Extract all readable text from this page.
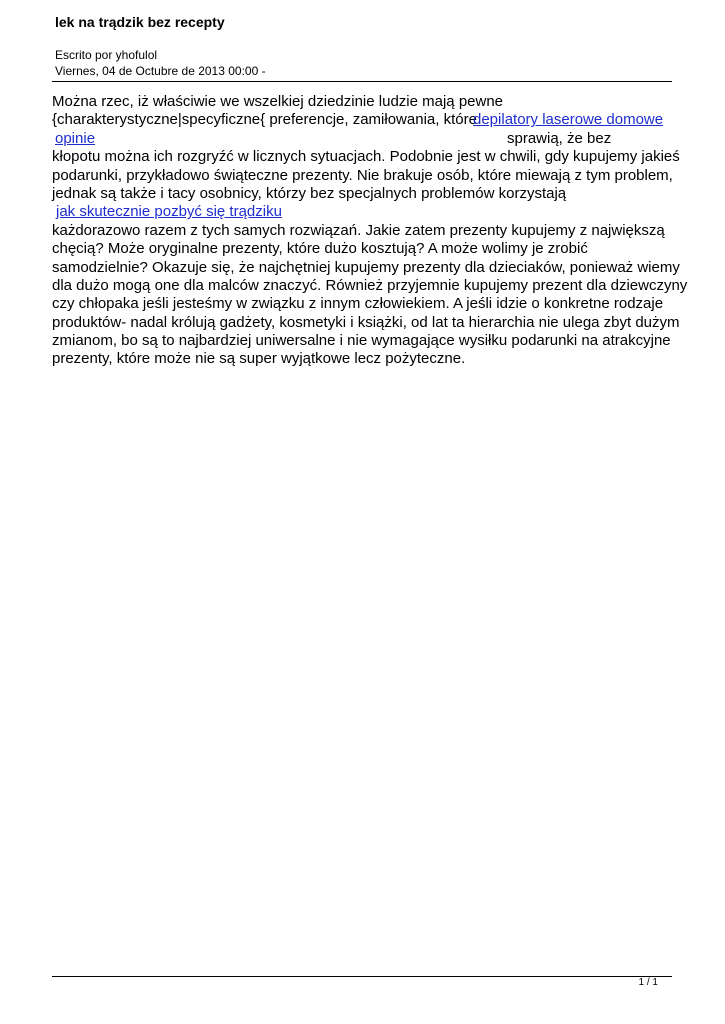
lek na trądzik bez recepty
Escrito por yhofulol
Viernes, 04 de Octubre de 2013 00:00 -
Można rzec, iż właściwie we wszelkiej dziedzinie ludzie mają pewne
{charakterystyczne|specyficzne{ preferencje, zamiłowania, które
depilatory laserowe domowe
opinie	sprawią, że bez
kłopotu można ich rozgryźć w licznych sytuacjach. Podobnie jest w chwili, gdy kupujemy jakieś
podarunki, przykładowo świąteczne prezenty. Nie brakuje osób, które miewają z tym problem,
jednak są także i tacy osobnicy, którzy bez specjalnych problemów korzystają
jak skutecznie pozbyć się trądziku
każdorazowo razem z tych samych rozwiązań. Jakie zatem prezenty kupujemy z największą
chęcią? Może oryginalne prezenty, które dużo kosztują? A może wolimy je zrobić
samodzielnie? Okazuje się, że najchętniej kupujemy prezenty dla dzieciaków, ponieważ wiemy
dla dużo mogą one dla malców znaczyć. Również przyjemnie kupujemy prezent dla dziewczyny
czy chłopaka jeśli jesteśmy w związku z innym człowiekiem. A jeśli idzie o konkretne rodzaje
produktów- nadal królują gadżety, kosmetyki i książki, od lat ta hierarchia nie ulega zbyt dużym
zmianom, bo są to najbardziej uniwersalne i nie wymagające wysiłku podarunki na atrakcyjne
prezenty, które może nie są super wyjątkowe lecz pożyteczne.
1 / 1
